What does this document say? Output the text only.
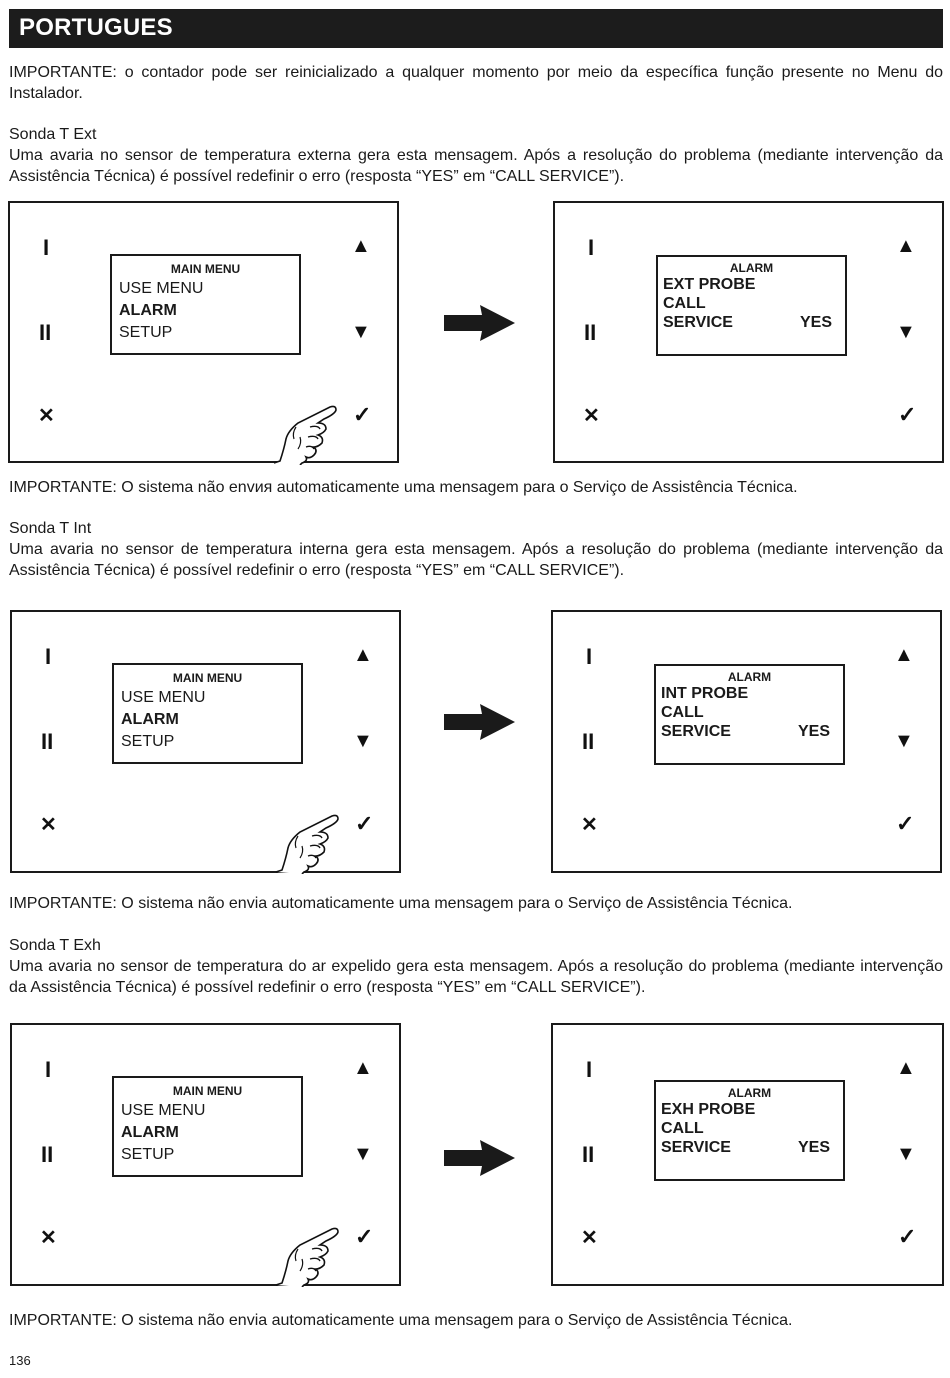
PORTUGUES

IMPORTANTE: o contador pode ser reinicializado a qualquer momento por meio da específica função presente no Menu do Instalador.

Sonda T Ext

Uma avaria no sensor de temperatura externa gera esta mensagem. Após a resolução do problema (mediante intervenção da Assistência Técnica) é possível redefinir o erro (resposta “YES” em “CALL SERVICE”).

Sonda T Int

Uma avaria no sensor de temperatura interna gera esta mensagem. Após a resolução do problema (mediante intervenção da Assistência Técnica) é possível redefinir o erro (resposta “YES” em “CALL SERVICE”).

Sonda T Exh

Uma avaria no sensor de temperatura do ar expelido gera esta mensagem. Após a resolução do problema (mediante intervenção da Assistência Técnica) é possível redefinir o erro (resposta “YES” em “CALL SERVICE”).

IMPORTANTE: O sistema não envия automaticamente uma mensagem para o Serviço de Assistência Técnica.

IMPORTANTE: O sistema não envia automaticamente uma mensagem para o Serviço de Assistência Técnica.

IMPORTANTE: O sistema não envia automaticamente uma mensagem para o Serviço de Assistência Técnica.

I
II
✕
▲
▼
✓
MAIN MENU
USE MENU
ALARM
SETUP
I
II
✕
▲
▼
✓
ALARM
EXT PROBE
CALL
SERVICE	YES
I
II
✕
▲
▼
✓
MAIN MENU
USE MENU
ALARM
SETUP
I
II
✕
▲
▼
✓
ALARM
INT PROBE
CALL
SERVICE	YES
I
II
✕
▲
▼
✓
MAIN MENU
USE MENU
ALARM
SETUP
I
II
✕
▲
▼
✓
ALARM
EXH PROBE
CALL
SERVICE	YES
136
